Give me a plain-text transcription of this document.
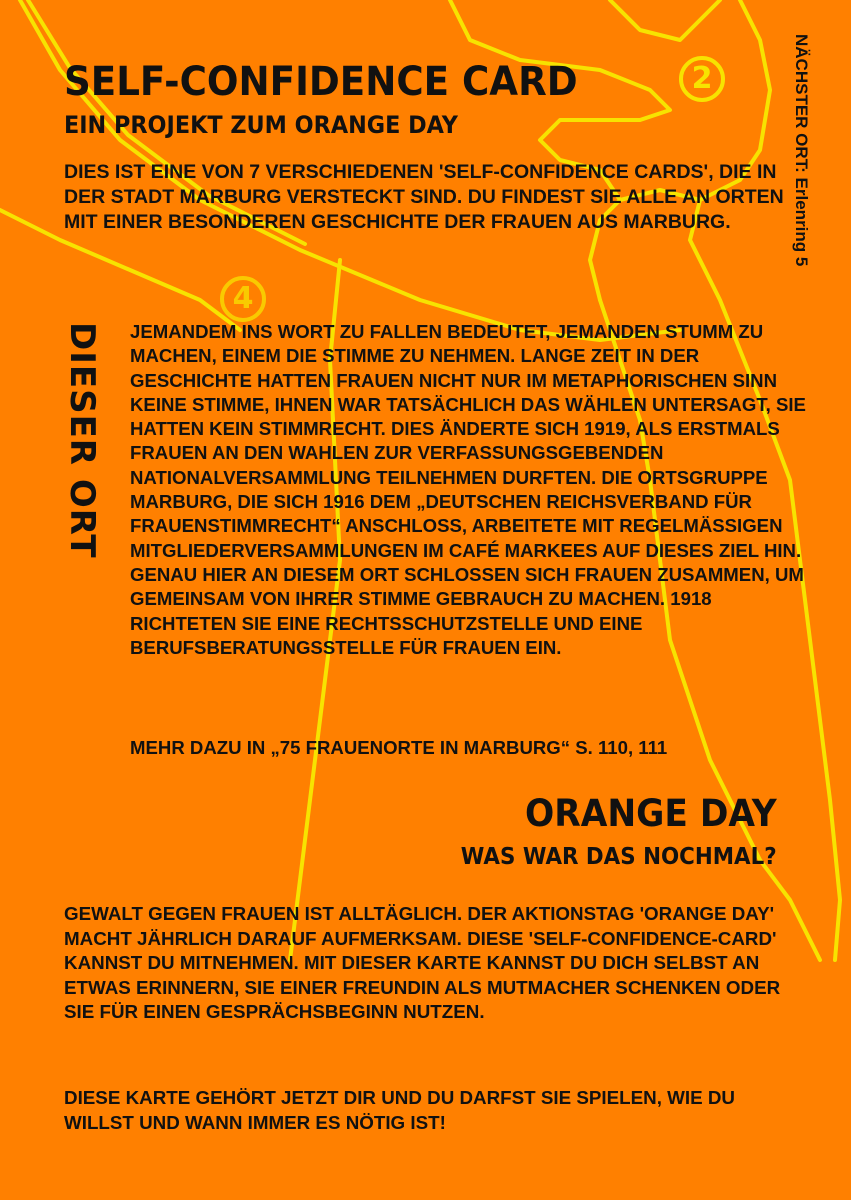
SELF-CONFIDENCE CARD
EIN PROJEKT ZUM ORANGE DAY
2
4

DIES IST EINE VON 7 VERSCHIEDENEN 'SELF-CONFIDENCE CARDS', DIE IN DER STADT MARBURG VERSTECKT SIND. DU FINDEST SIE ALLE AN ORTEN MIT EINER BESONDEREN GESCHICHTE DER FRAUEN AUS MARBURG.	NÄCHSTER ORT: Erlenring 5
DIESER ORT JEMANDEM INS WORT ZU FALLEN BEDEUTET, JEMANDEN STUMM ZU MACHEN, EINEM DIE STIMME ZU NEHMEN. LANGE ZEIT IN DER GESCHICHTE HATTEN FRAUEN NICHT NUR IM METAPHORISCHEN SINN KEINE STIMME, IHNEN WAR TATSÄCHLICH DAS WÄHLEN UNTERSAGT, SIE HATTEN KEIN STIMMRECHT. DIES ÄNDERTE SICH 1919, ALS ERSTMALS FRAUEN AN DEN WAHLEN ZUR VERFASSUNGSGEBENDEN NATIONALVERSAMMLUNG TEILNEHMEN DURFTEN. DIE ORTSGRUPPE MARBURG, DIE SICH 1916 DEM „DEUTSCHEN REICHSVERBAND FÜR FRAUENSTIMMRECHT“ ANSCHLOSS, ARBEITETE MIT REGELMÄSSIGEN MITGLIEDERVERSAMMLUNGEN IM CAFÉ MARKEES AUF DIESES ZIEL HIN. GENAU HIER AN DIESEM ORT SCHLOSSEN SICH FRAUEN ZUSAMMEN, UM GEMEINSAM VON IHRER STIMME GEBRAUCH ZU MACHEN. 1918 RICHTETEN SIE EINE RECHTSSCHUTZSTELLE UND EINE BERUFSBERATUNGSSTELLE FÜR FRAUEN EIN.

MEHR DAZU IN „75 FRAUENORTE IN MARBURG“ S. 110, 111

ORANGE DAY
WAS WAR DAS NOCHMAL?

GEWALT GEGEN FRAUEN IST ALLTÄGLICH. DER AKTIONSTAG 'ORANGE DAY' MACHT JÄHRLICH DARAUF AUFMERKSAM. DIESE 'SELF-CONFIDENCE-CARD' KANNST DU MITNEHMEN. MIT DIESER KARTE KANNST DU DICH SELBST AN ETWAS ERINNERN, SIE EINER FREUNDIN ALS MUTMACHER SCHENKEN ODER SIE FÜR EINEN GESPRÄCHSBEGINN NUTZEN.

DIESE KARTE GEHÖRT JETZT DIR UND DU DARFST SIE SPIELEN, WIE DU WILLST UND WANN IMMER ES NÖTIG IST!
